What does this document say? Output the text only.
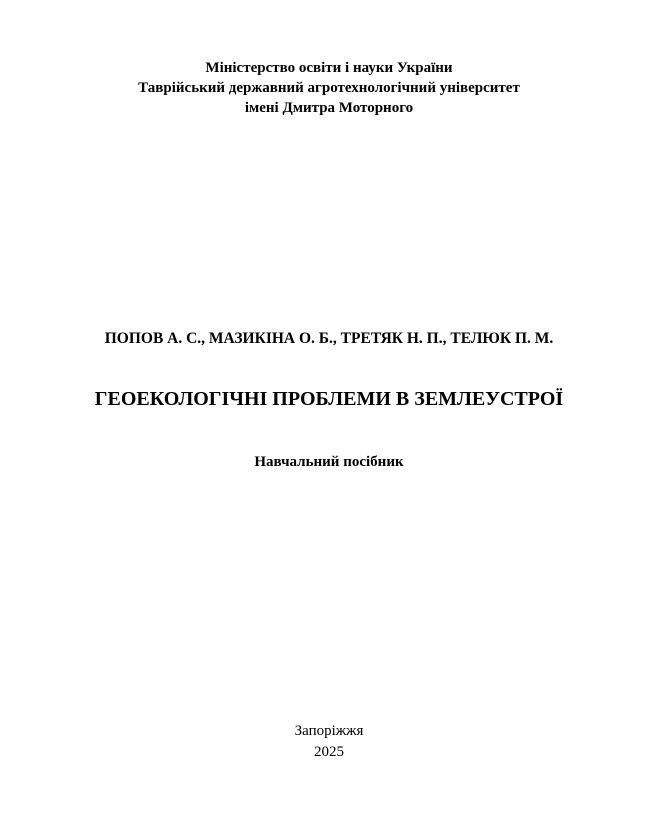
Міністерство освіти і науки України
Таврійський державний агротехнологічний університет
імені Дмитра Моторного
ПОПОВ А. С., МАЗИКІНА О. Б., ТРЕТЯК Н. П., ТЕЛЮК П. М.
ГЕОЕКОЛОГІЧНІ ПРОБЛЕМИ В ЗЕМЛЕУСТРОЇ
Навчальний посібник
Запоріжжя
2025
